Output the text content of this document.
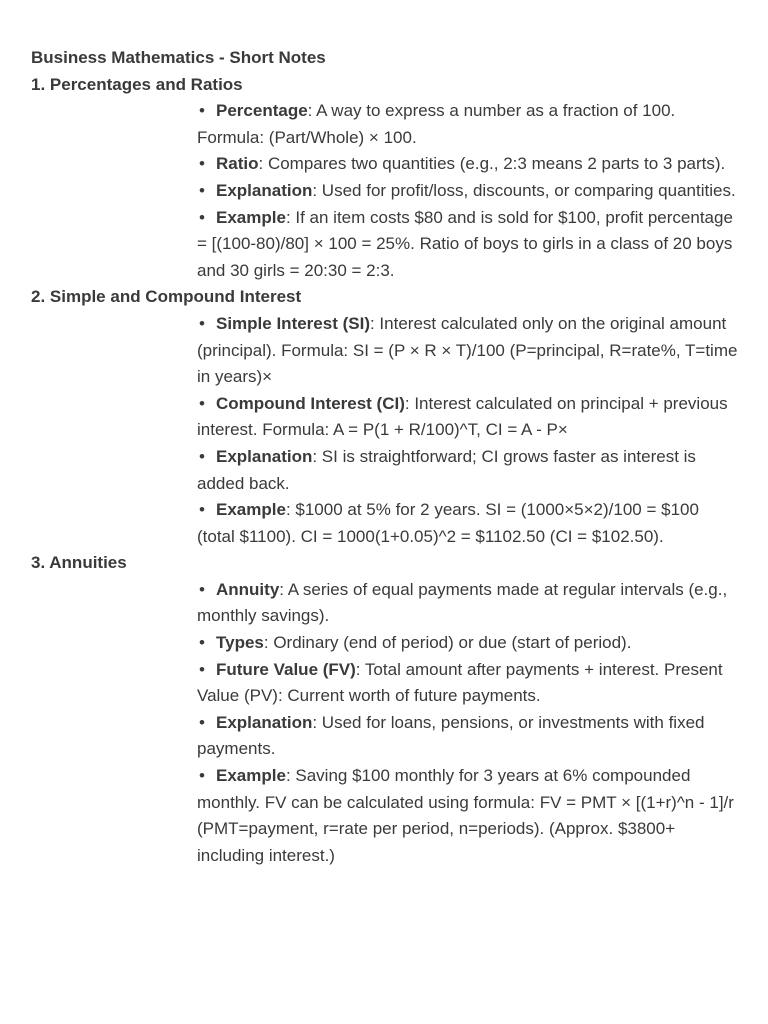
Business Mathematics - Short Notes
1. Percentages and Ratios
• Percentage: A way to express a number as a fraction of 100. Formula: (Part/Whole) × 100.
• Ratio: Compares two quantities (e.g., 2:3 means 2 parts to 3 parts).
• Explanation: Used for profit/loss, discounts, or comparing quantities.
• Example: If an item costs $80 and is sold for $100, profit percentage = [(100-80)/80] × 100 = 25%. Ratio of boys to girls in a class of 20 boys and 30 girls = 20:30 = 2:3.
2. Simple and Compound Interest
• Simple Interest (SI): Interest calculated only on the original amount (principal). Formula: SI = (P × R × T)/100 (P=principal, R=rate%, T=time in years)×
• Compound Interest (CI): Interest calculated on principal + previous interest. Formula: A = P(1 + R/100)^T, CI = A - P×
• Explanation: SI is straightforward; CI grows faster as interest is added back.
• Example: $1000 at 5% for 2 years. SI = (1000×5×2)/100 = $100 (total $1100). CI = 1000(1+0.05)^2 = $1102.50 (CI = $102.50).
3. Annuities
• Annuity: A series of equal payments made at regular intervals (e.g., monthly savings).
• Types: Ordinary (end of period) or due (start of period).
• Future Value (FV): Total amount after payments + interest. Present Value (PV): Current worth of future payments.
• Explanation: Used for loans, pensions, or investments with fixed payments.
• Example: Saving $100 monthly for 3 years at 6% compounded monthly. FV can be calculated using formula: FV = PMT × [(1+r)^n - 1]/r (PMT=payment, r=rate per period, n=periods). (Approx. $3800+ including interest.)
